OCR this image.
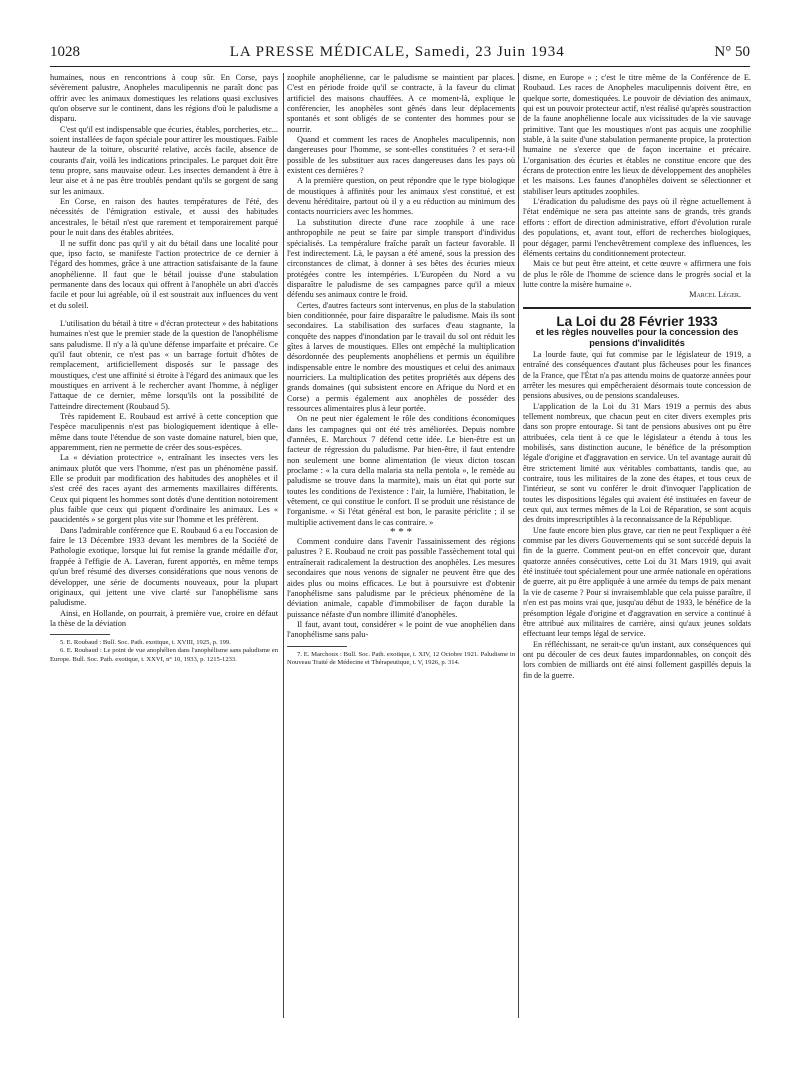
1028	LA PRESSE MÉDICALE, Samedi, 23 Juin 1934	N° 50

humaines, nous en rencontrions à coup sûr. En Corse, pays sévèrement palustre, Anopheles maculipennis ne paraît donc pas offrir avec les animaux domestiques les relations quasi exclusives qu'on observe sur le continent, dans les régions d'où le paludisme a disparu.

C'est qu'il est indispensable que écuries, étables, porcheries, etc... soient installées de façon spéciale pour attirer les moustiques. Faible hauteur de la toiture, obscurité relative, accès facile, absence de courants d'air, voilà les indications principales. Le parquet doit être tenu propre, sans mauvaise odeur. Les insectes demandent à être à leur aise et à ne pas être troublés pendant qu'ils se gorgent de sang sur les animaux.

En Corse, en raison des hautes températures de l'été, des nécessités de l'émigration estivale, et aussi des habitudes ancestrales, le bétail n'est que rarement et temporairement parqué pour le nuit dans des étables abritées.

Il ne suffit donc pas qu'il y ait du bétail dans une localité pour que, ipso facto, se manifeste l'action protectrice de ce dernier à l'égard des hommes, grâce à une attraction satisfaisante de la faune anophélienne. Il faut que le bétail jouisse d'une stabulation permanente dans des locaux qui offrent à l'anophèle un abri d'accès facile et pour lui agréable, où il est soustrait aux influences du vent et du soleil.

L'utilisation du bétail à titre « d'écran protecteur » des habitations humaines n'est que le premier stade de la question de l'anophélisme sans paludisme. Il n'y a là qu'une défense imparfaite et précaire. Ce qu'il faut obtenir, ce n'est pas « un barrage fortuit d'hôtes de remplacement, artificiellement disposés sur le passage des moustiques, c'est une affinité si étroite à l'égard des animaux que les moustiques en arrivent à le rechercher avant l'homme, à négliger l'attaque de ce dernier, même lorsqu'ils ont la possibilité de l'atteindre directement (Roubaud 5).

Très rapidement E. Roubaud est arrivé à cette conception que l'espèce maculipennis n'est pas biologiquement identique à elle-même dans toute l'étendue de son vaste domaine naturel, bien que, apparemment, rien ne permette de créer des sous-espèces.

La « déviation protectrice », entraînant les insectes vers les animaux plutôt que vers l'homme, n'est pas un phénomène passif. Elle se produit par modification des habitudes des anophèles et il s'est créé des races ayant des armements maxillaires différents. Ceux qui piquent les hommes sont dotés d'une dentition notoirement plus faible que ceux qui piquent d'ordinaire les animaux. Les « paucidentés » se gorgent plus vite sur l'homme et les préfèrent.

Dans l'admirable conférence que E. Roubaud 6 a eu l'occasion de faire le 13 Décembre 1933 devant les membres de la Société de Pathologie exotique, lorsque lui fut remise la grande médaille d'or, frappée à l'effigie de A. Laveran, furent apportés, en même temps qu'un bref résumé des diverses considérations que nous venons de développer, une série de documents nouveaux, pour la plupart originaux, qui jettent une vive clarté sur l'anophélisme sans paludisme.

Ainsi, en Hollande, on pourrait, à première vue, croire en défaut la thèse de la déviation

5. E. Roubaud : Bull. Soc. Path. exotique, t. XVIII, 1925, p. 199.

6. E. Roubaud : Le point de vue anophélien dans l'anophélisme sans paludisme en Europe. Bull. Soc. Path. exotique, t. XXVI, n° 10, 1933, p. 1215-1233.

zoophile anophélienne, car le paludisme se maintient par places. C'est en période froide qu'il se contracte, à la faveur du climat artificiel des maisons chauffées. A ce moment-là, explique le conférencier, les anophèles sont gênés dans leur déplacements spontanés et sont obligés de se contenter des hommes pour se nourrir.

Quand et comment les races de Anopheles maculipennis, non dangereuses pour l'homme, se sont-elles constituées ? et sera-t-il possible de les substituer aux races dangereuses dans les pays où existent ces dernières ?

A la première question, on peut répondre que le type biologique de moustiques à affinités pour les animaux s'est constitué, et est devenu héréditaire, partout où il y a eu réduction au minimum des contacts nourriciers avec les hommes.

La substitution directe d'une race zoophile à une race anthropophile ne peut se faire par simple transport d'individus spécialisés. La tempéralure fraîche paraît un facteur favorable. Il l'est indirectement. Là, le paysan a été amené, sous la pression des circonstances de climat, à donner à ses bêtes des écuries mieux protégées contre les intempéries. L'Européen du Nord a vu disparaître le paludisme de ses campagnes parce qu'il a mieux défendu ses animaux contre le froid.

Certes, d'autres facteurs sont intervenus, en plus de la stabulation bien conditionnée, pour faire disparaître le paludisme. Mais ils sont secondaires. La stabilisation des surfaces d'eau stagnante, la conquête des nappes d'inondation par le travail du sol ont réduit les gîtes à larves de moustiques. Elles ont empêché la multiplication désordonnée des peuplements anophéliens et permis un équilibre indispensable entre le nombre des moustiques et celui des animaux nourriciers. La multiplication des petites propriétés aux dépens des grands domaines (qui subsistent encore en Afrique du Nord et en Corse) a permis également aux anophèles de posséder des ressources alimentaires plus à leur portée.

On ne peut nier également le rôle des conditions économiques dans les campagnes qui ont été très améliorées. Depuis nombre d'années, E. Marchoux 7 défend cette idée. Le bien-être est un facteur de régression du paludisme. Par bien-être, il faut entendre non seulement une bonne alimentation (le vieux dicton toscan proclame : « la cura della malaria sta nella pentola », le remède au paludisme se trouve dans la marmite), mais un état qui porte sur toutes les conditions de l'existence : l'air, la lumière, l'habitation, le vêtement, ce qui constitue le confort. Il se produit une résistance de l'organisme. « Si l'état général est bon, le parasite périclite ; il se multiplie activement dans le cas contraire. »

* * *

Comment conduire dans l'avenir l'assainissement des régions palustres ? E. Roubaud ne croit pas possible l'assèchement total qui entraînerait radicalement la destruction des anophèles. Les mesures secondaires que nous venons de signaler ne peuvent être que des aides plus ou moins efficaces. Le but à poursuivre est d'obtenir l'anophélisme sans paludisme par le précieux phénomène de la déviation animale, capable d'immobiliser de façon durable la puissance néfaste d'un nombre illimité d'anophèles.

Il faut, avant tout, considérer « le point de vue anophélien dans l'anophélisme sans palu-

7. E. Marchoux : Bull. Soc. Path. exotique, t. XIV, 12 Octobre 1921. Paludisme in Nouveau Traité de Médecine et Thérapeutique, t. V, 1926, p. 314.

disme, en Europe » ; c'est le titre même de la Conférence de E. Roubaud. Les races de Anopheles maculipennis doivent être, en quelque sorte, domestiquées. Le pouvoir de déviation des animaux, qui est un pouvoir protecteur actif, n'est réalisé qu'après soustraction de la faune anophélienne locale aux vicissitudes de la vie sauvage primitive. Tant que les moustiques n'ont pas acquis une zoophilie stable, à la suite d'une stabulation permanente propice, la protection humaine ne s'exerce que de façon incertaine et précaire. L'organisation des écuries et étables ne constitue encore que des écrans de protection entre les lieux de développement des anophèles et les maisons. Les faunes d'anophèles doivent se sélectionner et stabiliser leurs aptitudes zoophiles.

L'éradication du paludisme des pays où il règne actuellement à l'état endémique ne sera pas atteinte sans de grands, très grands efforts : effort de direction administrative, effort d'évolution rurale des populations, et, avant tout, effort de recherches biologiques, pour dégager, parmi l'enchevêtrement complexe des influences, les éléments certains du conditionnement protecteur.

Mais ce but peut être atteint, et cette œuvre « affirmera une fois de plus le rôle de l'homme de science dans le progrès social et la lutte contre la misère humaine ».

Marcel Léger.

La Loi du 28 Février 1933

et les règles nouvelles pour la concession des pensions d'invalidités

La lourde faute, qui fut commise par le législateur de 1919, a entraîné des conséquences d'autant plus fâcheuses pour les finances de la France, que l'État n'a pas attendu moins de quatorze années pour arrêter les mesures qui empêcheraient désormais toute concession de pensions abusives, ou de pensions scandaleuses.

L'application de la Loi du 31 Mars 1919 a permis des abus tellement nombreux, que chacun peut en citer divers exemples pris dans son propre entourage. Si tant de pensions abusives ont pu être attribuées, cela tient à ce que le législateur a étendu à tous les mobilisés, sans distinction aucune, le bénéfice de la présomption légale d'origine et d'aggravation en service. Un tel avantage aurait dû être strictement limité aux véritables combattants, tandis que, au contraire, tous les militaires de la zone des étapes, et tous ceux de l'intérieur, se sont vu conférer le droit d'invoquer l'application de toutes les dispositions légales qui avaient été instituées en faveur de ceux qui, aux termes mêmes de la Loi de Réparation, se sont acquis des droits imprescriptibles à la reconnaissance de la République.

Une faute encore bien plus grave, car rien ne peut l'expliquer a été commise par les divers Gouvernements qui se sont succédé depuis la fin de la guerre. Comment peut-on en effet concevoir que, durant quatorze années consécutives, cette Loi du 31 Mars 1919, qui avait été instituée tout spécialement pour une armée nationale en opérations de guerre, ait pu être appliquée à une armée du temps de paix menant la vie de caserne ? Pour si invraisemblable que cela puisse paraître, il n'en est pas moins vrai que, jusqu'au début de 1933, le bénéfice de la présomption légale d'origine et d'aggravation en service a continué à être attribué aux militaires de carrière, ainsi qu'aux jeunes soldats effectuant leur temps légal de service.

En réfléchissant, ne serait-ce qu'un instant, aux conséquences qui ont pu découler de ces deux fautes impardonnables, on conçoit dès lors combien de milliards ont été ainsi follement gaspillés depuis la fin de la guerre.
